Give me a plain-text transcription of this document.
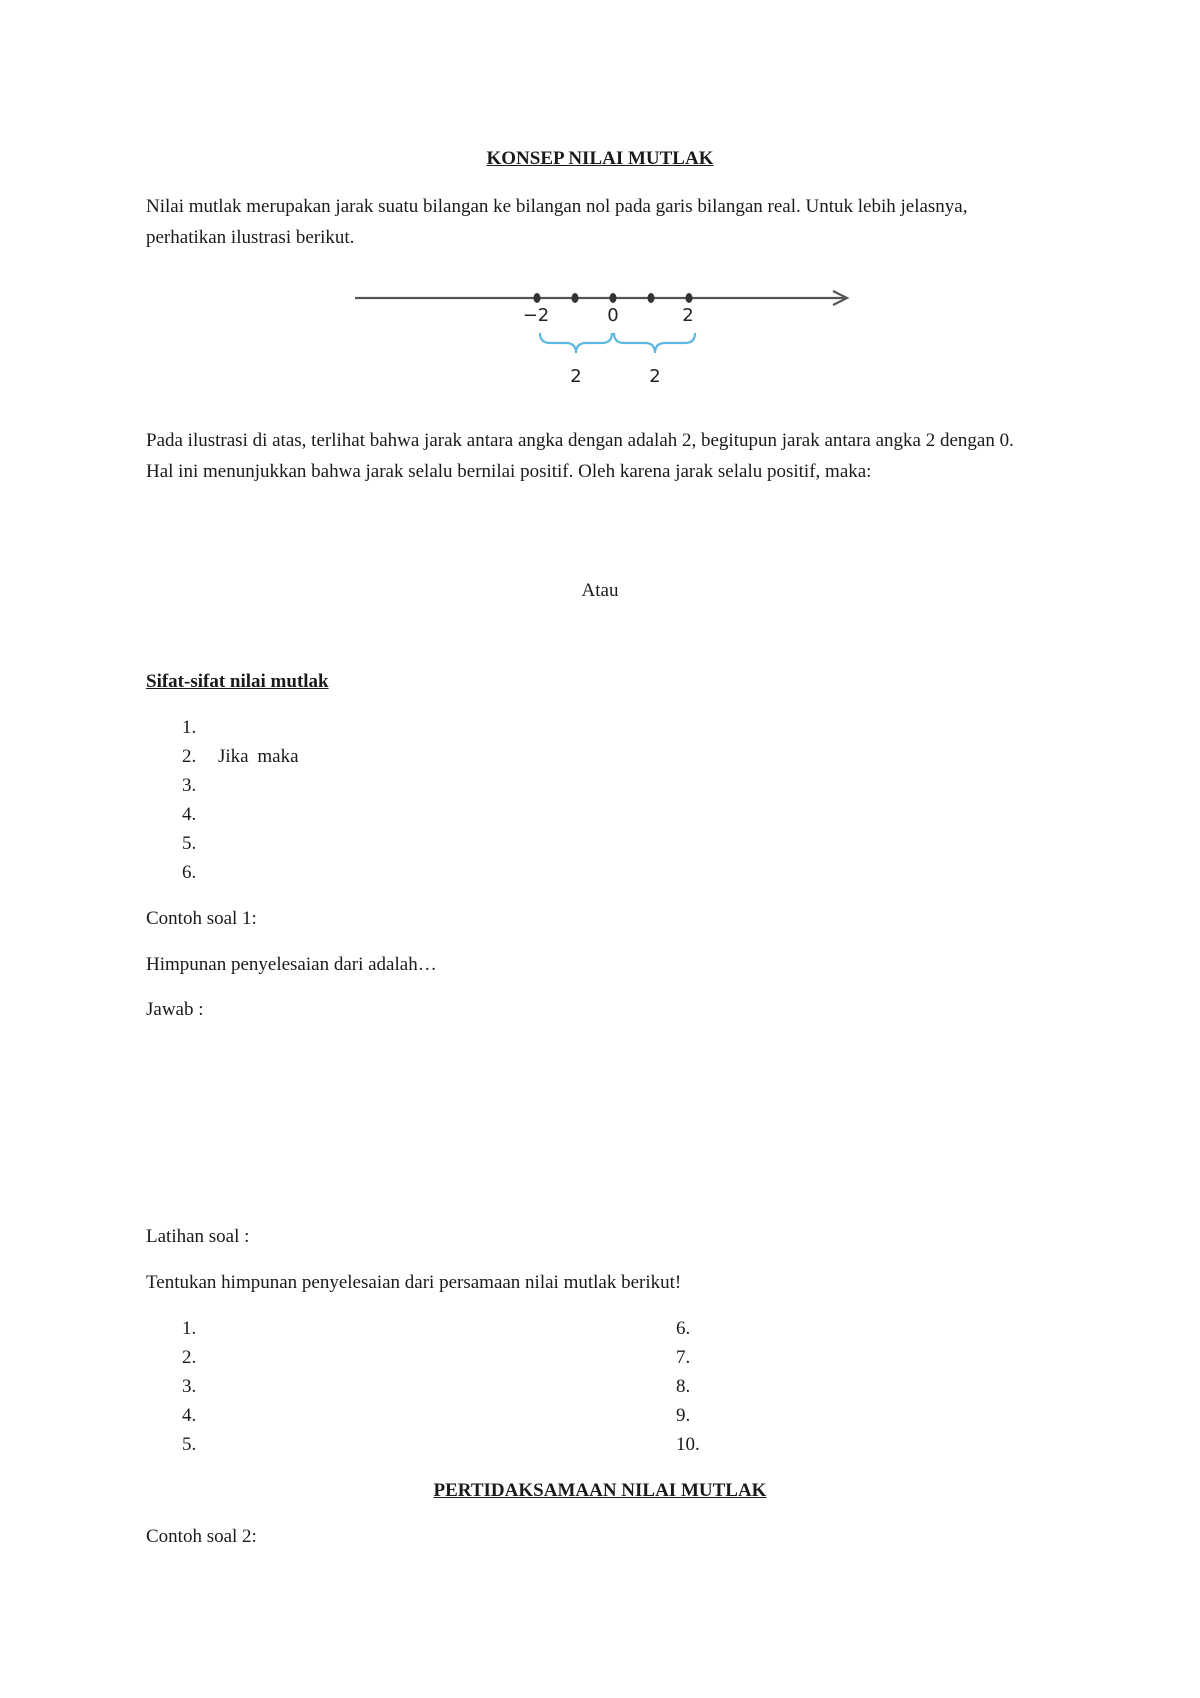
KONSEP NILAI MUTLAK

Nilai mutlak merupakan jarak suatu bilangan ke bilangan nol pada garis bilangan real. Untuk lebih jelasnya, perhatikan ilustrasi berikut.

−2	0	2
2	2

Pada ilustrasi di atas, terlihat bahwa jarak antara angka dengan adalah 2, begitupun jarak antara angka 2 dengan 0. Hal ini menunjukkan bahwa jarak selalu bernilai positif. Oleh karena jarak selalu positif, maka:

Atau
Sifat-sifat nilai mutlak
1.
2.	Jika maka
3.
4.
5.
6.
Contoh soal 1:
Himpunan penyelesaian dari adalah…
Jawab :
Latihan soal :
Tentukan himpunan penyelesaian dari persamaan nilai mutlak berikut!
1.
2.
3.
4.
5.
6.
7.
8.
9.
10.
PERTIDAKSAMAAN NILAI MUTLAK
Contoh soal 2:
